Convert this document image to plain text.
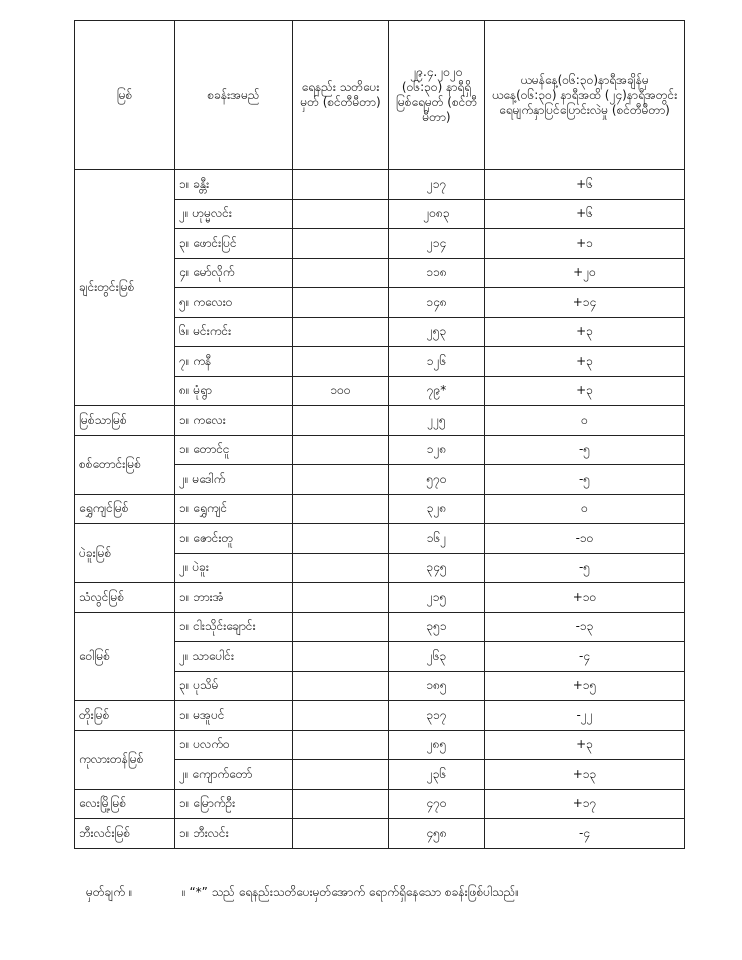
မြစ်	စခန်းအမည်	ရေနည်း သတိပေးမှတ် (စင်တီမီတာ)	၂၉.၄.၂၀၂၀ (၀၆:၃၀) နာရီရှိ မြစ်ရေမှတ် (စင်တီမီတာ)	ယမန်နေ့(၀၆:၃၀)နာရီအချိန်မှ ယနေ့(၀၆:၃၀) နာရီအထိ (၂၄)နာရီအတွင်း ရေမျက်နှာပြင်ပြောင်းလဲမှု (စင်တီမီတာ)
ချင်းတွင်းမြစ်	၁။ ခန္တီး		၂၁၇	+၆
	၂။ ဟုမ္မလင်း		၂၀၈၃	+၆
	၃။ ဖောင်းပြင်		၂၁၄	+၁
	၄။ မော်လိုက်		၁၁၈	+၂၀
	၅။ ကလေးဝ		၁၄၈	+၁၄
	၆။ မင်းကင်း		၂၅၃	+၃
	၇။ ကနီ		၁၂၆	+၃
	၈။ မုံရွာ	၁၀၀	၇၉*	+၃
မြစ်သာမြစ်	၁။ ကလေး		၂၂၅	၀
စစ်တောင်းမြစ်	၁။ တောင်ငူ		၁၂၈	-၅
	၂။ မဒေါက်		၅၇၀	-၅
ရွှေကျင်မြစ်	၁။ ရွှေကျင်		၃၂၈	၀
ပဲခူးမြစ်	၁။ ဇောင်းတူ		၁၆၂	-၁၀
	၂။ ပဲခူး		၃၄၅	-၅
သံလွင်မြစ်	၁။ ဘားအံ		၂၁၅	+၁၀
ဝေါမြစ်	၁။ ငါးသိုင်းချောင်း		၃၅၁	-၁၃
	၂။ သာပေါင်း		၂၆၃	-၄
	၃။ ပုသိမ်		၁၈၅	+၁၅
တိုးမြစ်	၁။ မအူပင်		၃၁၇	-၂၂
ကုလားတန်မြစ်	၁။ ပလက်ဝ		၂၈၅	+၃
	၂။ ကျောက်တော်		၂၃၆	+၁၃
လေးမြို့မြစ်	၁။ မြောက်ဦး		၄၇၀	+၁၇
ဘီးလင်းမြစ်	၁။ ဘီးလင်း		၄၅၈	-၄
မှတ်ချက် ။	။ “*” သည် ရေနည်းသတိပေးမှတ်အောက် ရောက်ရှိနေသော စခန်းဖြစ်ပါသည်။
